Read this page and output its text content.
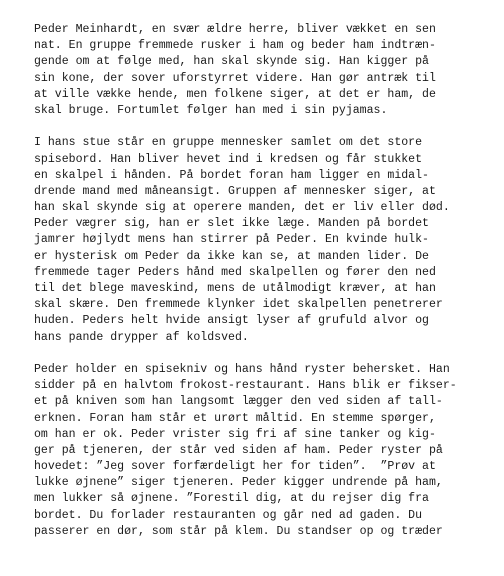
Peder Meinhardt, en svær ældre herre, bliver vækket en sen
nat. En gruppe fremmede rusker i ham og beder ham indtræn-
gende om at følge med, han skal skynde sig. Han kigger på
sin kone, der sover uforstyrret videre. Han gør antræk til
at ville vække hende, men folkene siger, at det er ham, de
skal bruge. Fortumlet følger han med i sin pyjamas.
I hans stue står en gruppe mennesker samlet om det store
spisebord. Han bliver hevet ind i kredsen og får stukket
en skalpel i hånden. På bordet foran ham ligger en midal-
drende mand med måneansigt. Gruppen af mennesker siger, at
han skal skynde sig at operere manden, det er liv eller død.
Peder vægrer sig, han er slet ikke læge. Manden på bordet
jamrer højlydt mens han stirrer på Peder. En kvinde hulk-
er hysterisk om Peder da ikke kan se, at manden lider. De
fremmede tager Peders hånd med skalpellen og fører den ned
til det blege maveskind, mens de utålmodigt kræver, at han
skal skære. Den fremmede klynker idet skalpellen penetrerer
huden. Peders helt hvide ansigt lyser af grufuld alvor og
hans pande drypper af koldsved.
Peder holder en spisekniv og hans hånd ryster behersket. Han
sidder på en halvtom frokost-restaurant. Hans blik er fikser-
et på kniven som han langsomt lægger den ved siden af tall-
erknen. Foran ham står et urørt måltid. En stemme spørger,
om han er ok. Peder vrister sig fri af sine tanker og kig-
ger på tjeneren, der står ved siden af ham. Peder ryster på
hovedet: ”Jeg sover forfærdeligt her for tiden”.  ”Prøv at
lukke øjnene” siger tjeneren. Peder kigger undrende på ham,
men lukker så øjnene. ”Forestil dig, at du rejser dig fra
bordet. Du forlader restauranten og går ned ad gaden. Du
passerer en dør, som står på klem. Du standser op og træder
